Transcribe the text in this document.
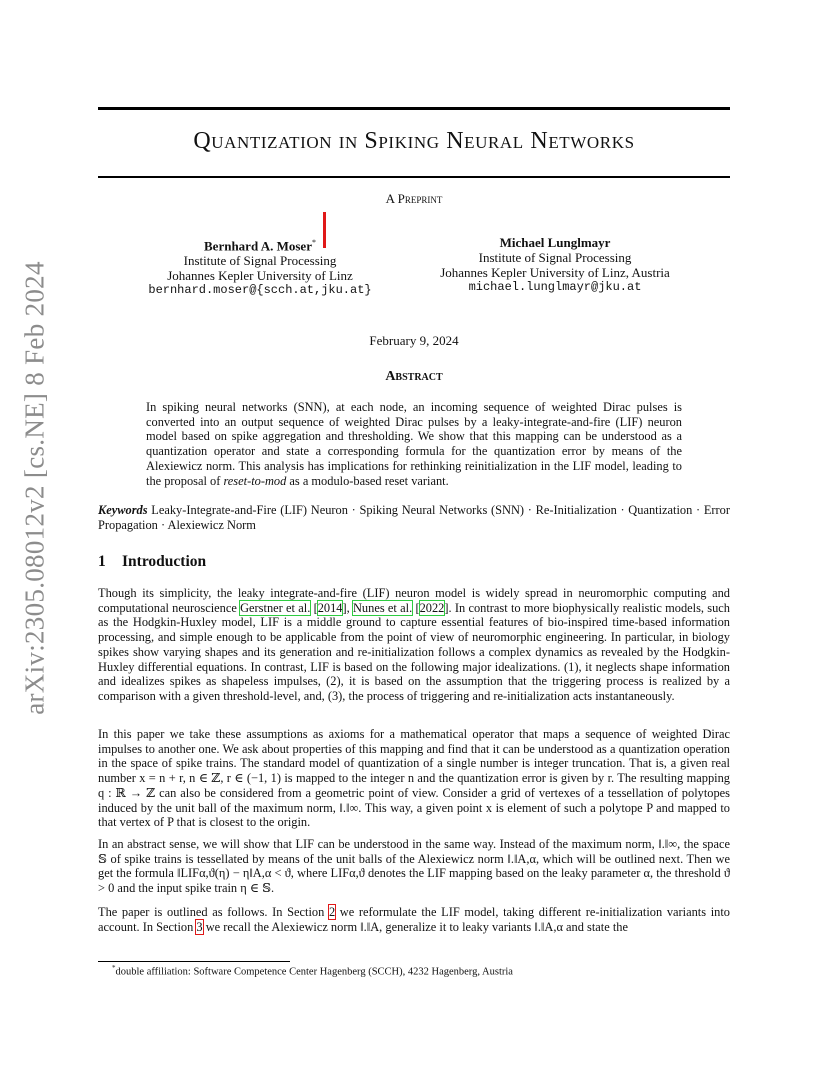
arXiv:2305.08012v2 [cs.NE] 8 Feb 2024
Quantization in Spiking Neural Networks
A Preprint
Bernhard A. Moser*
Institute of Signal Processing
Johannes Kepler University of Linz
bernhard.moser@{scch.at,jku.at}
Michael Lunglmayr
Institute of Signal Processing
Johannes Kepler University of Linz, Austria
michael.lunglmayr@jku.at
February 9, 2024
Abstract
In spiking neural networks (SNN), at each node, an incoming sequence of weighted Dirac pulses is converted into an output sequence of weighted Dirac pulses by a leaky-integrate-and-fire (LIF) neuron model based on spike aggregation and thresholding. We show that this mapping can be understood as a quantization operator and state a corresponding formula for the quantization error by means of the Alexiewicz norm. This analysis has implications for rethinking reinitialization in the LIF model, leading to the proposal of reset-to-mod as a modulo-based reset variant.
Keywords Leaky-Integrate-and-Fire (LIF) Neuron · Spiking Neural Networks (SNN) · Re-Initialization · Quantization · Error Propagation · Alexiewicz Norm
1 Introduction
Though its simplicity, the leaky integrate-and-fire (LIF) neuron model is widely spread in neuromorphic computing and computational neuroscience Gerstner et al. [2014], Nunes et al. [2022]. In contrast to more biophysically realistic models, such as the Hodgkin-Huxley model, LIF is a middle ground to capture essential features of bio-inspired time-based information processing, and simple enough to be applicable from the point of view of neuromorphic engineering. In particular, in biology spikes show varying shapes and its generation and re-initialization follows a complex dynamics as revealed by the Hodgkin-Huxley differential equations. In contrast, LIF is based on the following major idealizations. (1), it neglects shape information and idealizes spikes as shapeless impulses, (2), it is based on the assumption that the triggering process is realized by a comparison with a given threshold-level, and, (3), the process of triggering and re-initialization acts instantaneously.
In this paper we take these assumptions as axioms for a mathematical operator that maps a sequence of weighted Dirac impulses to another one. We ask about properties of this mapping and find that it can be understood as a quantization operation in the space of spike trains. The standard model of quantization of a single number is integer truncation. That is, a given real number x = n + r, n ∈ ℤ, r ∈ (−1, 1) is mapped to the integer n and the quantization error is given by r. The resulting mapping q : ℝ → ℤ can also be considered from a geometric point of view. Consider a grid of vertexes of a tessellation of polytopes induced by the unit ball of the maximum norm, ‖.‖∞. This way, a given point x is element of such a polytope P and mapped to that vertex of P that is closest to the origin.
In an abstract sense, we will show that LIF can be understood in the same way. Instead of the maximum norm, ‖.‖∞, the space 𝕊 of spike trains is tessellated by means of the unit balls of the Alexiewicz norm ‖.‖A,α, which will be outlined next. Then we get the formula ‖LIFα,ϑ(η) − η‖A,α < ϑ, where LIFα,ϑ denotes the LIF mapping based on the leaky parameter α, the threshold ϑ > 0 and the input spike train η ∈ 𝕊.
The paper is outlined as follows. In Section 2 we reformulate the LIF model, taking different re-initialization variants into account. In Section 3 we recall the Alexiewicz norm ‖.‖A, generalize it to leaky variants ‖.‖A,α and state the
*double affiliation: Software Competence Center Hagenberg (SCCH), 4232 Hagenberg, Austria
